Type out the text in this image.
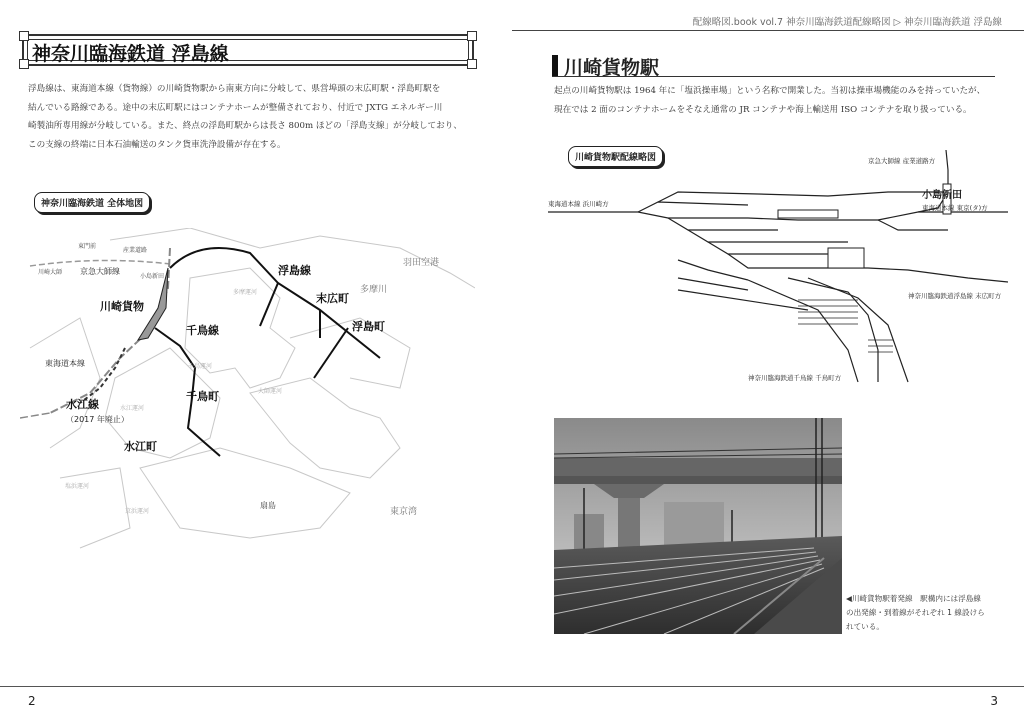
神奈川臨海鉄道 浮島線
浮島線は、東海道本線（貨物線）の川崎貨物駅から南東方向に分岐して、県営埠頭の末広町駅・浮島町駅を
結んでいる路線である。途中の末広町駅にはコンテナホームが整備されており、付近で JXTG エネルギー川
崎製油所専用線が分岐している。また、終点の浮島町駅からは長さ 800m ほどの「浮島支線」が分岐しており、
この支線の終端に日本石油輸送のタンク貨車洗浄設備が存在する。
神奈川臨海鉄道 全体地図
東門前
産業道路
川崎大師
小島新田
多摩運河
千鳥運河
水江運河
大師運河
塩浜運河
京浜運河
京急大師線
東海道本線
浮島線
末広町
浮島町
川崎貨物
千鳥線
千鳥町
水江線
水江町
扇島
（2017 年廃止）
多摩川
羽田空港
東京湾
2
配線略図.book vol.7 神奈川臨海鉄道配線略図 ▷ 神奈川臨海鉄道 浮島線
川崎貨物駅
起点の川崎貨物駅は 1964 年に「塩浜操車場」という名称で開業した。当初は操車場機能のみを持っていたが、
現在では 2 面のコンテナホームをそなえ通常の JR コンテナや海上輸送用 ISO コンテナを取り扱っている。
川崎貨物駅配線略図	京急大師線 産業道路方
小島新田
東海道本線 東京(タ)方
東海道本線 浜川崎方
神奈川臨海鉄道浮島線 末広町方
神奈川臨海鉄道千鳥線 千鳥町方
◀川崎貨物駅着発線　駅構内には浮島線
の出発線・到着線がそれぞれ 1 線設けら
れている。
3
